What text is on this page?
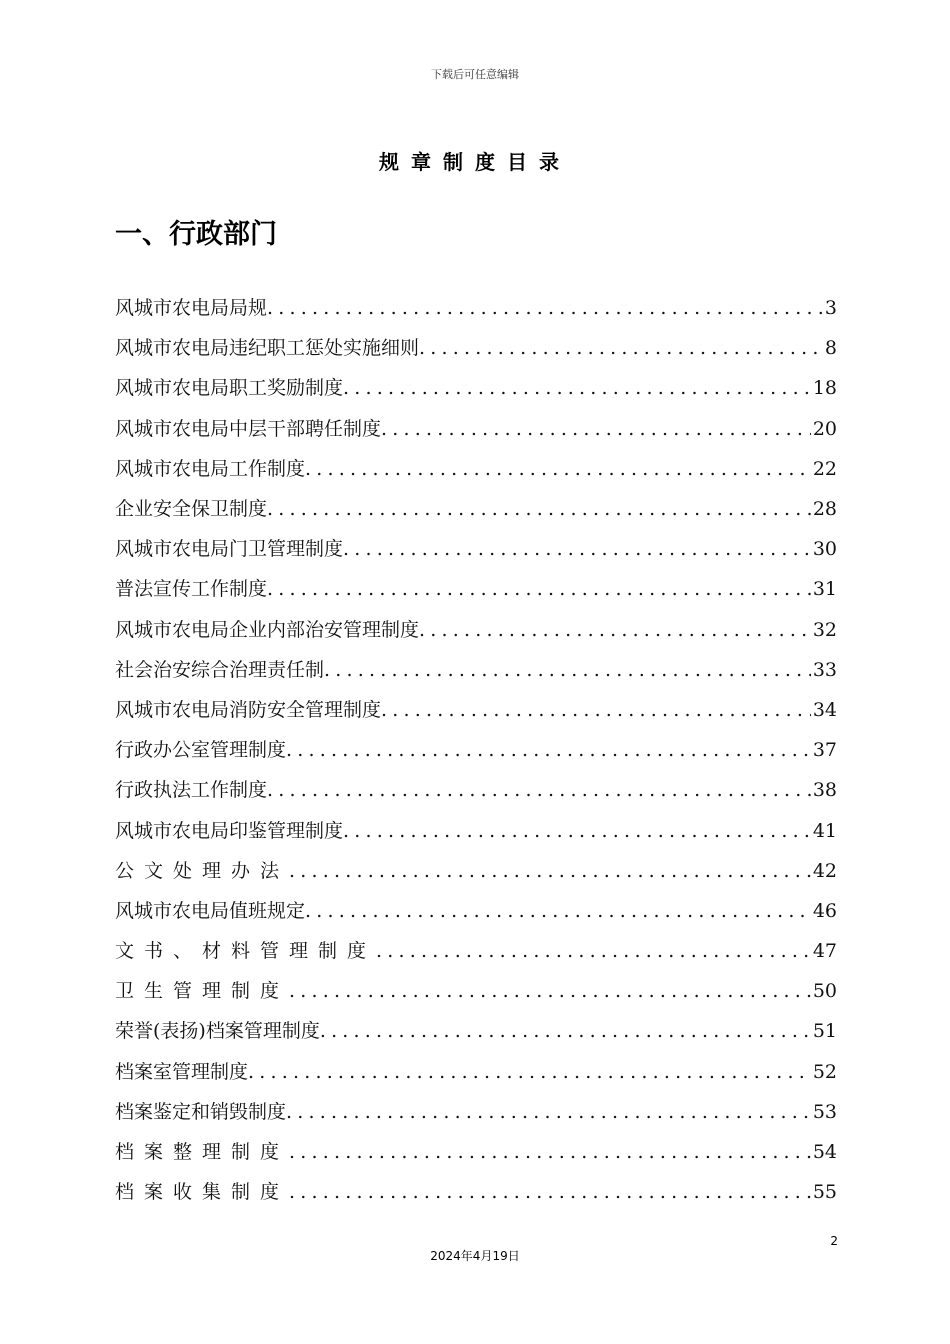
下载后可任意编辑
规章制度目录
一、行政部门
风城市农电局局规 .....	3
风城市农电局违纪职工惩处实施细则 .....	8
风城市农电局职工奖励制度 .....	18
风城市农电局中层干部聘任制度 .....	20
风城市农电局工作制度 .....	22
企业安全保卫制度 .....	28
风城市农电局门卫管理制度 .....	30
普法宣传工作制度 .....	31
风城市农电局企业内部治安管理制度 .....	32
社会治安综合治理责任制 .....	33
风城市农电局消防安全管理制度 .....	34
行政办公室管理制度 .....	37
行政执法工作制度 .....	38
风城市农电局印鉴管理制度 .....	41
公文处理办法 .....	42
风城市农电局值班规定 .....	46
文书、材料管理制度 .....	47
卫生管理制度 .....	50
荣誉(表扬)档案管理制度 .....	51
档案室管理制度 .....	52
档案鉴定和销毁制度 .....	53
档案整理制度 .....	54
档案收集制度 .....	55
2
2024年4月19日
